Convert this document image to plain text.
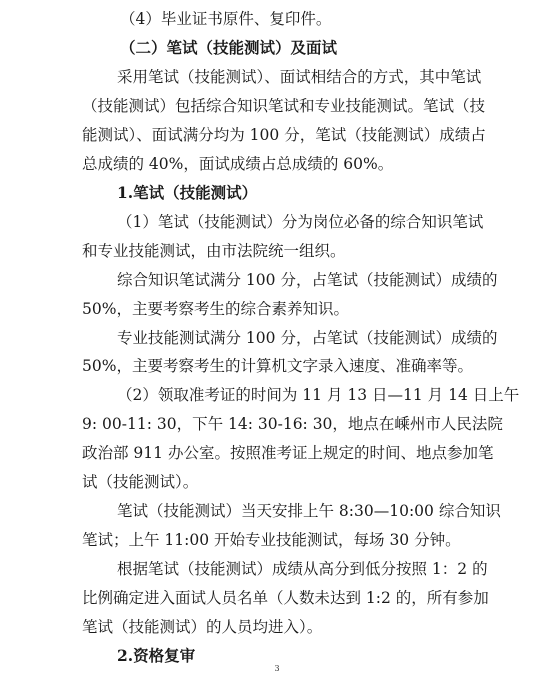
（4）毕业证书原件、复印件。
（二）笔试（技能测试）及面试
采用笔试（技能测试）、面试相结合的方式，其中笔试
（技能测试）包括综合知识笔试和专业技能测试。笔试（技
能测试）、面试满分均为 100 分，笔试（技能测试）成绩占
总成绩的 40%，面试成绩占总成绩的 60%。
1.笔试（技能测试）
（1）笔试（技能测试）分为岗位必备的综合知识笔试
和专业技能测试，由市法院统一组织。
综合知识笔试满分 100 分，占笔试（技能测试）成绩的
50%，主要考察考生的综合素养知识。
专业技能测试满分 100 分，占笔试（技能测试）成绩的
50%，主要考察考生的计算机文字录入速度、准确率等。
（2）领取准考证的时间为 11 月 13 日—11 月 14 日上午
9: 00-11: 30，下午 14: 30-16: 30，地点在嵊州市人民法院
政治部 911 办公室。按照准考证上规定的时间、地点参加笔
试（技能测试）。
笔试（技能测试）当天安排上午 8:30—10:00 综合知识
笔试；上午 11:00 开始专业技能测试，每场 30 分钟。
根据笔试（技能测试）成绩从高分到低分按照 1：2 的
比例确定进入面试人员名单（人数未达到 1:2 的，所有参加
笔试（技能测试）的人员均进入）。
2.资格复审
3
